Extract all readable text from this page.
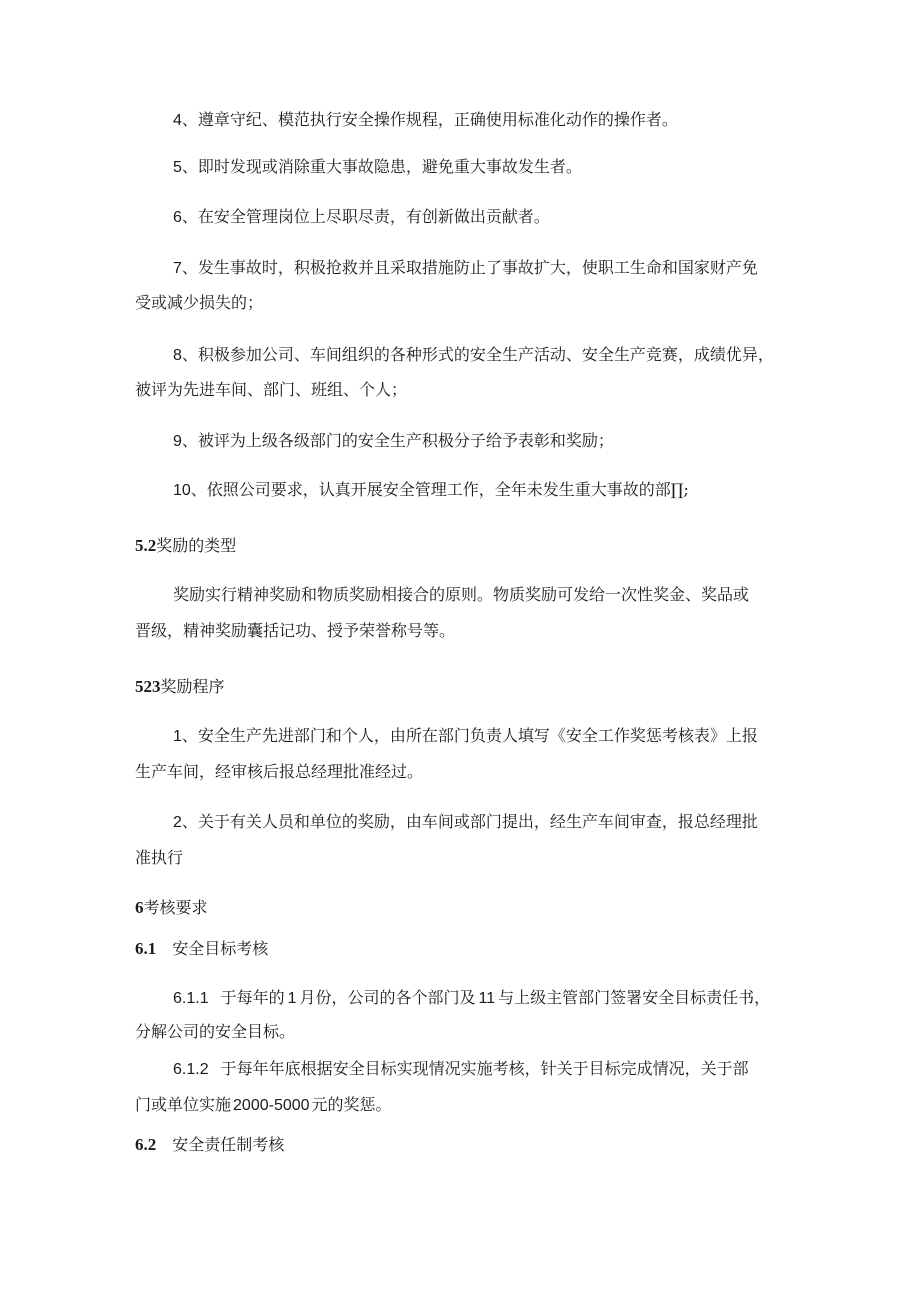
4、遵章守纪、模范执行安全操作规程，正确使用标准化动作的操作者。
5、即时发现或消除重大事故隐患，避免重大事故发生者。
6、在安全管理岗位上尽职尽责，有创新做出贡献者。
7、发生事故时，积极抢救并且采取措施防止了事故扩大，使职工生命和国家财产免
受或减少损失的；
8、积极参加公司、车间组织的各种形式的安全生产活动、安全生产竞赛，成绩优异，
被评为先进车间、部门、班组、个人；
9、被评为上级各级部门的安全生产积极分子给予表彰和奖励；
10、依照公司要求，认真开展安全管理工作，全年未发生重大事故的部∏;
5.2奖励的类型
奖励实行精神奖励和物质奖励相接合的原则。物质奖励可发给一次性奖金、奖品或
晋级，精神奖励囊括记功、授予荣誉称号等。
523奖励程序
1、安全生产先进部门和个人，由所在部门负责人填写《安全工作奖惩考核表》上报
生产车间，经审核后报总经理批准经过。
2、关于有关人员和单位的奖励，由车间或部门提出，经生产车间审查，报总经理批
准执行
6考核要求
6.1 安全目标考核
6.1.1 于每年的 1 月份，公司的各个部门及 11 与上级主管部门签署安全目标责任书，
分解公司的安全目标。
6.1.2 于每年年底根据安全目标实现情况实施考核，针关于目标完成情况，关于部
门或单位实施 2000-5000 元的奖惩。
6.2 安全责任制考核
